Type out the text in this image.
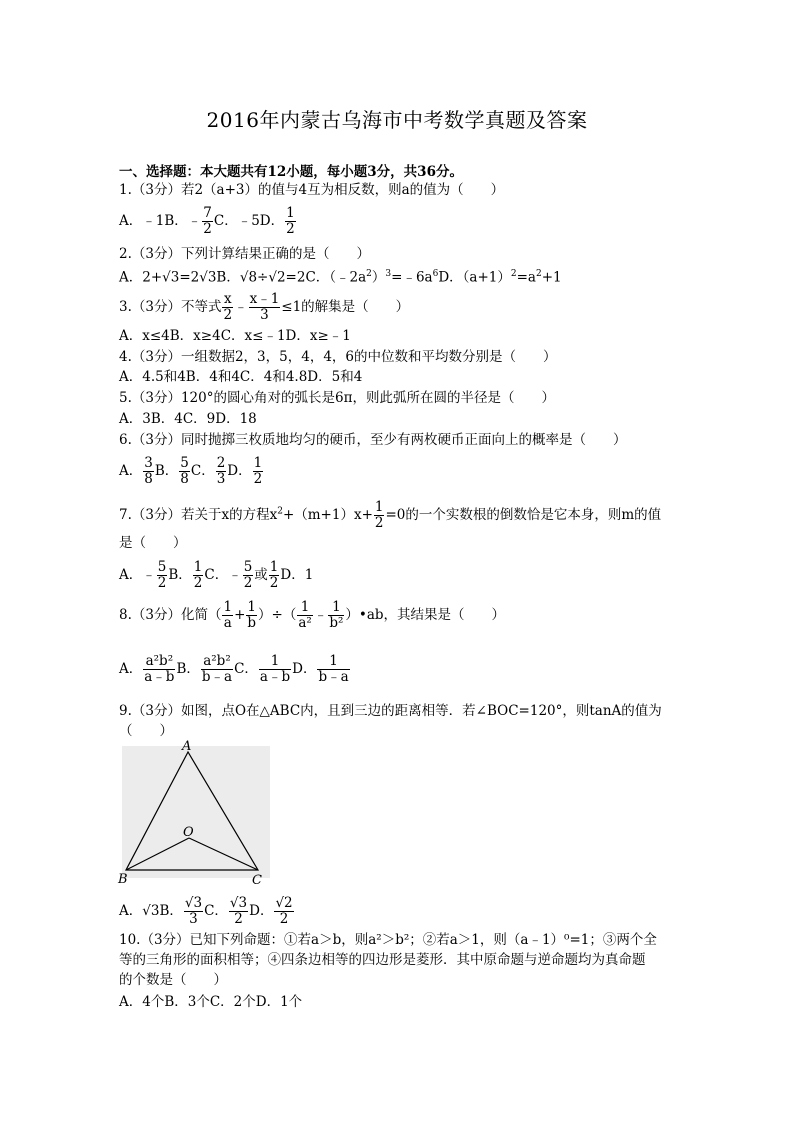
2016年内蒙古乌海市中考数学真题及答案
一、选择题：本大题共有12小题，每小题3分，共36分。
1.（3分）若2（a+3）的值与4互为相反数，则a的值为（　　）
A．﹣1B．﹣ $\frac{7}{2}$ C．﹣5D． $\frac{1}{2}$
2.（3分）下列计算结果正确的是（　　）
A．2+√3=2√3B．√8÷√2=2C．$(﹣2a^2)^3=﹣6a^6D$．$(a+1)^2=a^2+1$
3.（3分）不等式 $\frac{x}{2}$ ﹣ $\frac{x﹣1}{3} \le 1$的解集是（　　）
A．x≤4B．x≥4C．x≤﹣1D．x≥﹣1
4.（3分）一组数据2，3，5，4，4，6的中位数和平均数分别是（　　）
A．4.5和4B．4和4C．4和4.8D．5和4
5.（3分）120°的圆心角对的弧长是6π，则此弧所在圆的半径是（　　）
A．3B．4C．9D．18
6.（3分）同时抛掷三枚质地均匀的硬币，至少有两枚硬币正面向上的概率是（　　）
A． $\frac{3}{8}$ B． $\frac{5}{8}$ C． $\frac{2}{3}$ D． $\frac{1}{2}$
7.（3分）若关于x的方程$x^2+(m+1)x+ \frac{1}{2} =0$的一个实数根的倒数恰是它本身，则m的值
是（　　）
A．﹣ $\frac{5}{2}$ B． $\frac{1}{2}$ C．﹣ $\frac{5}{2}$ 或 $\frac{1}{2}$ D．1
8.（3分）化简（ $\frac{1}{a} + \frac{1}{b}$ ）÷（ $\frac{1}{\text{a²}}$ ﹣ $\frac{1}{\text{b²}}$ ）•ab，其结果是（　　）
A． $\frac{\text{a²b²}}{a﹣b}$ B． $\frac{\text{a²b²}}{b﹣a}$ C． $\frac{1}{a﹣b}$ D． $\frac{1}{b﹣a}$
9.（3分）如图，点O在△ABC内，且到三边的距离相等．若∠BOC=120°，则tanA的值为
（　　）
A
B	C
O
A．√3B． $\frac{√3}{3}$ C． $\frac{√3}{2}$ D． $\frac{√2}{2}$
10.（3分）已知下列命题：①若a＞b，则a²＞b²；②若a＞1，则（a﹣1）⁰=1；③两个全
等的三角形的面积相等；④四条边相等的四边形是菱形．其中原命题与逆命题均为真命题
的个数是（　　）
A．4个B．3个C．2个D．1个
